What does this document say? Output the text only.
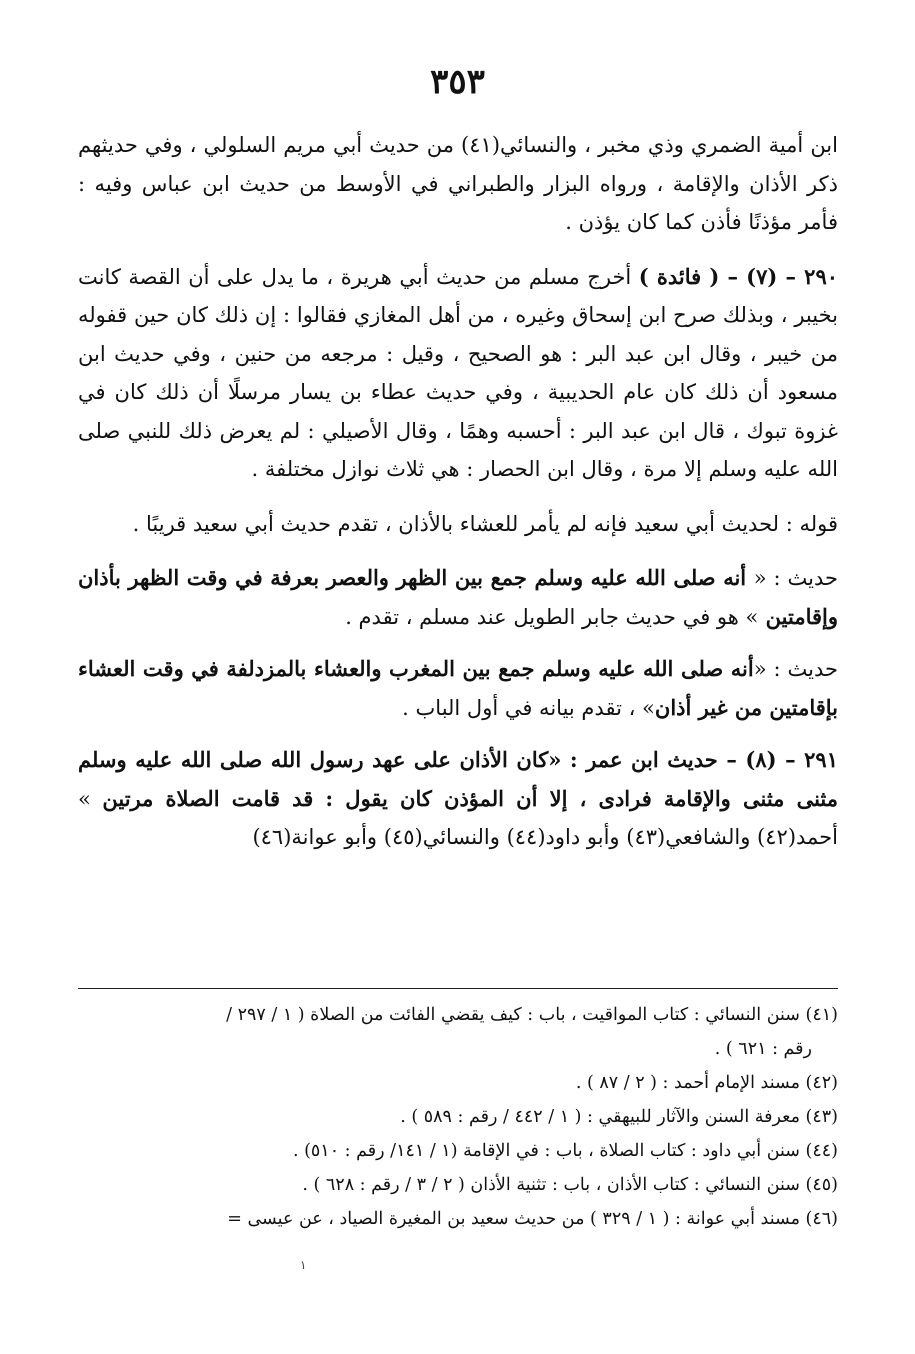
٣٥٣

ابن أمية الضمري وذي مخبر ، والنسائي(٤١) من حديث أبي مريم السلولي ، وفي حديثهم ذكر الأذان والإقامة ، ورواه البزار والطبراني في الأوسط من حديث ابن عباس وفيه : فأمر مؤذنًا فأذن كما كان يؤذن .

٢٩٠ – (٧) – ( فائدة ) أخرج مسلم من حديث أبي هريرة ، ما يدل على أن القصة كانت بخيبر ، وبذلك صرح ابن إسحاق وغيره ، من أهل المغازي فقالوا : إن ذلك كان حين قفوله من خيبر ، وقال ابن عبد البر : هو الصحيح ، وقيل : مرجعه من حنين ، وفي حديث ابن مسعود أن ذلك كان عام الحديبية ، وفي حديث عطاء بن يسار مرسلًا أن ذلك كان في غزوة تبوك ، قال ابن عبد البر : أحسبه وهمًا ، وقال الأصيلي : لم يعرض ذلك للنبي صلى الله عليه وسلم إلا مرة ، وقال ابن الحصار : هي ثلاث نوازل مختلفة .

قوله : لحديث أبي سعيد فإنه لم يأمر للعشاء بالأذان ، تقدم حديث أبي سعيد قريبًا .

حديث : « أنه صلى الله عليه وسلم جمع بين الظهر والعصر بعرفة في وقت الظهر بأذان وإقامتين » هو في حديث جابر الطويل عند مسلم ، تقدم .

حديث : «أنه صلى الله عليه وسلم جمع بين المغرب والعشاء بالمزدلفة في وقت العشاء بإقامتين من غير أذان» ، تقدم بيانه في أول الباب .

٢٩١ – (٨) – حديث ابن عمر : «كان الأذان على عهد رسول الله صلى الله عليه وسلم مثنى مثنى والإقامة فرادى ، إلا أن المؤذن كان يقول : قد قامت الصلاة مرتين » أحمد(٤٢) والشافعي(٤٣) وأبو داود(٤٤) والنسائي(٤٥) وأبو عوانة(٤٦)

(٤١) سنن النسائي : كتاب المواقيت ، باب : كيف يقضي الفائت من الصلاة ( ١ / ٢٩٧ /
رقم : ٦٢١ ) .

(٤٢) مسند الإمام أحمد : ( ٢ / ٨٧ ) .

(٤٣) معرفة السنن والآثار للبيهقي : ( ١ / ٤٤٢ / رقم : ٥٨٩ ) .

(٤٤) سنن أبي داود : كتاب الصلاة ، باب : في الإقامة (١ / ١٤١/ رقم : ٥١٠) .

(٤٥) سنن النسائي : كتاب الأذان ، باب : تثنية الأذان ( ٢ / ٣ / رقم : ٦٢٨ ) .

(٤٦) مسند أبي عوانة : ( ١ / ٣٢٩ ) من حديث سعيد بن المغيرة الصياد ، عن عيسى =

١
